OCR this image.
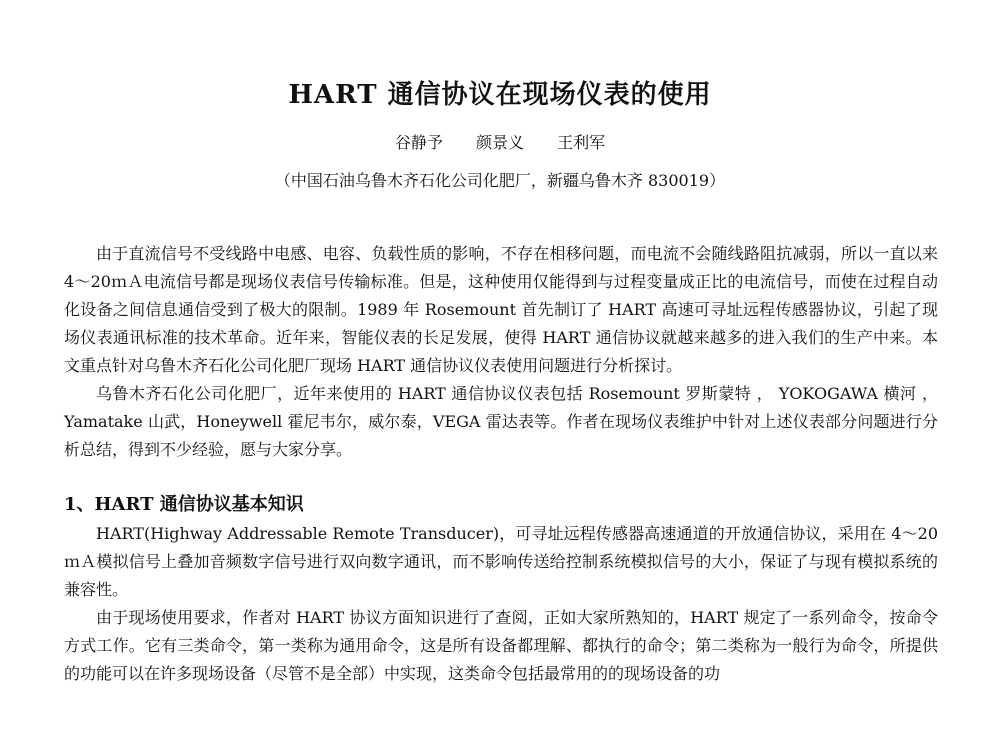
HART 通信协议在现场仪表的使用
谷静予 颜景义 王利军
（中国石油乌鲁木齐石化公司化肥厂，新疆乌鲁木齐 830019）

由于直流信号不受线路中电感、电容、负载性质的影响，不存在相移问题，而电流不会随线路阻抗减弱，所以一直以来 4～20ｍＡ电流信号都是现场仪表信号传输标准。但是，这种使用仅能得到与过程变量成正比的电流信号，而使在过程自动化设备之间信息通信受到了极大的限制。1989 年 Rosemount 首先制订了 HART 高速可寻址远程传感器协议，引起了现场仪表通讯标准的技术革命。近年来，智能仪表的长足发展，使得 HART 通信协议就越来越多的进入我们的生产中来。本文重点针对乌鲁木齐石化公司化肥厂现场 HART 通信协议仪表使用问题进行分析探讨。

乌鲁木齐石化公司化肥厂，近年来使用的 HART 通信协议仪表包括 Rosemount 罗斯蒙特 ， YOKOGAWA 横河 ，Yamatake 山武，Honeywell 霍尼韦尔，威尔泰，VEGA 雷达表等。作者在现场仪表维护中针对上述仪表部分问题进行分析总结，得到不少经验，愿与大家分享。

1、HART 通信协议基本知识

HART(Highway Addressable Remote Transducer)，可寻址远程传感器高速通道的开放通信协议，采用在 4～20ｍＡ模拟信号上叠加音频数字信号进行双向数字通讯，而不影响传送给控制系统模拟信号的大小，保证了与现有模拟系统的兼容性。

由于现场使用要求，作者对 HART 协议方面知识进行了查阅，正如大家所熟知的，HART 规定了一系列命令，按命令方式工作。它有三类命令，第一类称为通用命令，这是所有设备都理解、都执行的命令；第二类称为一般行为命令，所提供的功能可以在许多现场设备（尽管不是全部）中实现，这类命令包括最常用的的现场设备的功
